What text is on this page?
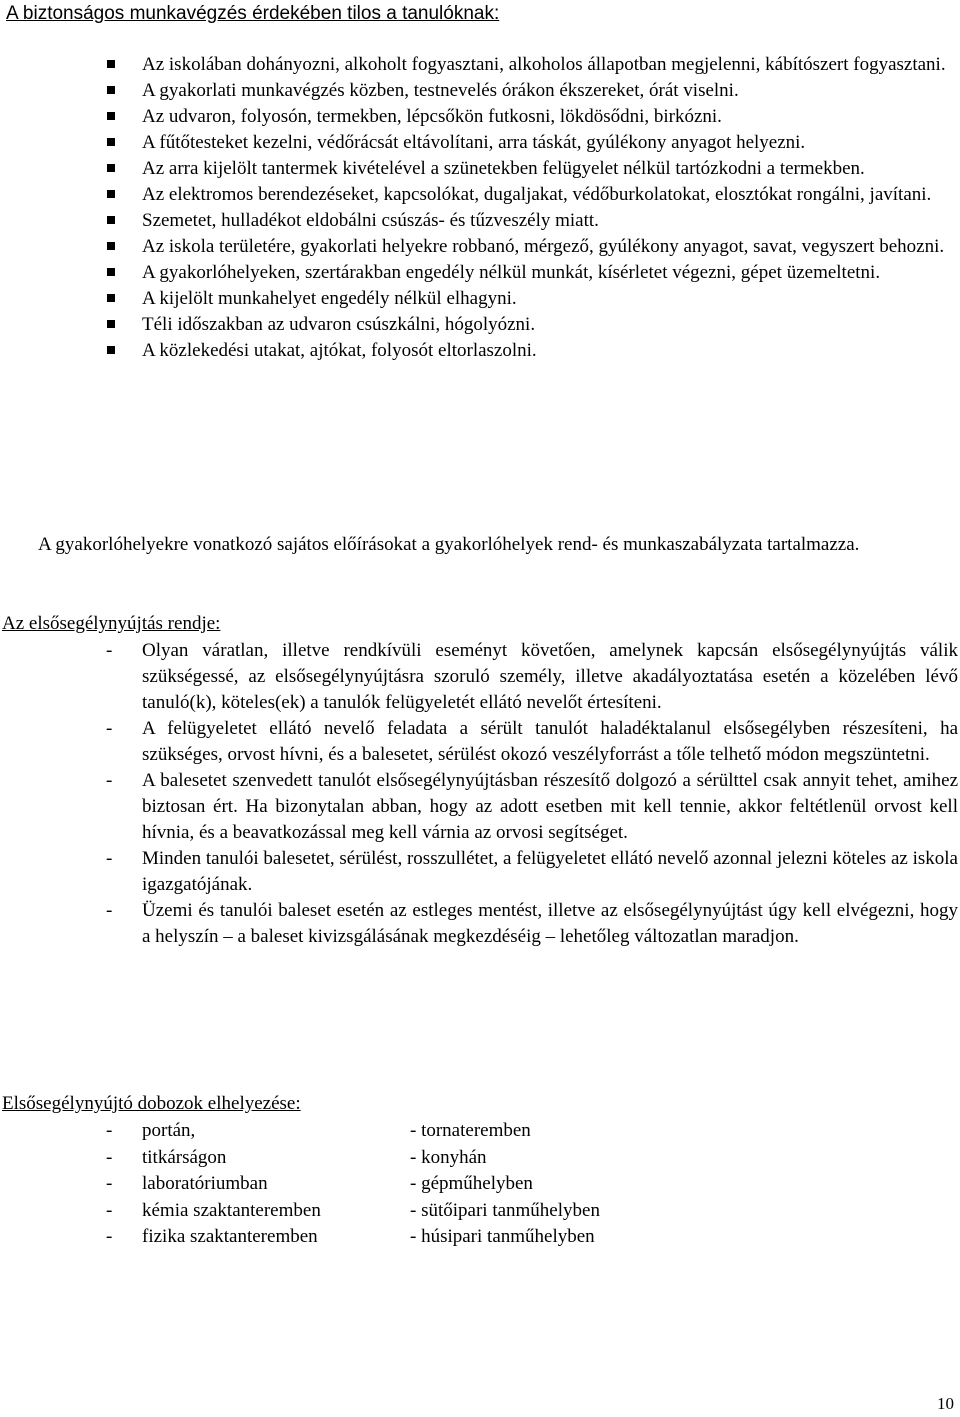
A biztonságos munkavégzés érdekében tilos a tanulóknak:
Az iskolában dohányozni, alkoholt fogyasztani, alkoholos állapotban megjelenni, kábítószert fogyasztani.
A gyakorlati munkavégzés közben, testnevelés órákon ékszereket, órát viselni.
Az udvaron, folyosón, termekben, lépcsőkön futkosni, lökdösődni, birkózni.
A fűtőtesteket kezelni, védőrácsát eltávolítani, arra táskát, gyúlékony anyagot helyezni.
Az arra kijelölt tantermek kivételével a szünetekben felügyelet nélkül tartózkodni a termekben.
Az elektromos berendezéseket, kapcsolókat, dugaljakat, védőburkolatokat, elosztókat rongálni, javítani.
Szemetet, hulladékot eldobálni csúszás- és tűzveszély miatt.
Az iskola területére, gyakorlati helyekre robbanó, mérgező, gyúlékony anyagot, savat, vegyszert behozni.
A gyakorlóhelyeken, szertárakban engedély nélkül munkát, kísérletet végezni, gépet üzemeltetni.
A kijelölt munkahelyet engedély nélkül elhagyni.
Téli időszakban az udvaron csúszkálni, hógolyózni.
A közlekedési utakat, ajtókat, folyosót eltorlaszolni.
A gyakorlóhelyekre vonatkozó sajátos előírásokat a gyakorlóhelyek rend- és munkaszabályzata tartalmazza.
Az elsősegélynyújtás rendje:
- Olyan váratlan, illetve rendkívüli eseményt követően, amelynek kapcsán elsősegélynyújtás válik szükségessé, az elsősegélynyújtásra szoruló személy, illetve akadályoztatása esetén a közelében lévő tanuló(k), köteles(ek) a tanulók felügyeletét ellátó nevelőt értesíteni.
- A felügyeletet ellátó nevelő feladata a sérült tanulót haladéktalanul elsősegélyben részesíteni, ha szükséges, orvost hívni, és a balesetet, sérülést okozó veszélyforrást a tőle telhető módon megszüntetni.
- A balesetet szenvedett tanulót elsősegélynyújtásban részesítő dolgozó a sérülttel csak annyit tehet, amihez biztosan ért. Ha bizonytalan abban, hogy az adott esetben mit kell tennie, akkor feltétlenül orvost kell hívnia, és a beavatkozással meg kell várnia az orvosi segítséget.
- Minden tanulói balesetet, sérülést, rosszullétet, a felügyeletet ellátó nevelő azonnal jelezni köteles az iskola igazgatójának.
- Üzemi és tanulói baleset esetén az estleges mentést, illetve az elsősegélynyújtást úgy kell elvégezni, hogy a helyszín – a baleset kivizsgálásának megkezdéséig – lehetőleg változatlan maradjon.
Elsősegélynyújtó dobozok elhelyezése:
- portán,	- tornateremben
- titkárságon	- konyhán
- laboratóriumban	- gépműhelyben
- kémia szaktanteremben	- sütőipari tanműhelyben
- fizika szaktanteremben	- húsipari tanműhelyben
10
